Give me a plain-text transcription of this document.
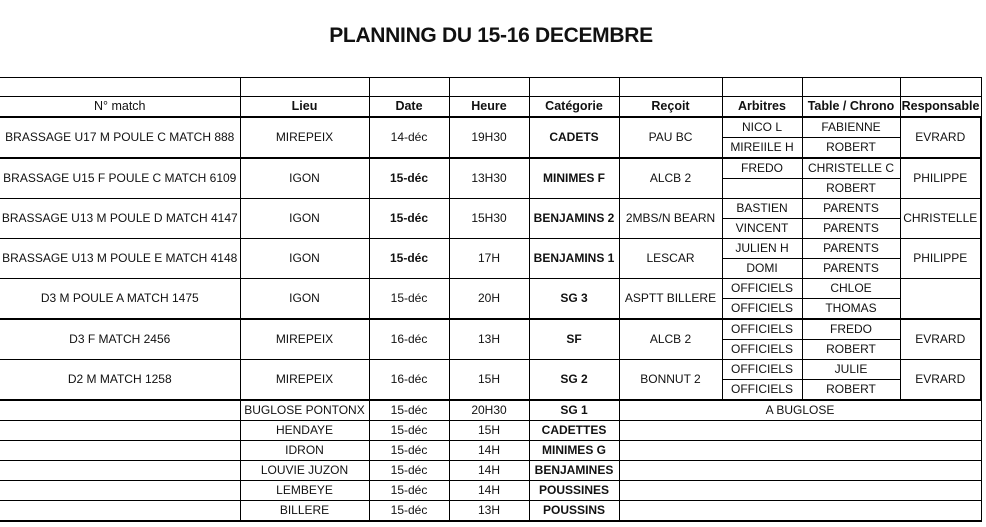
PLANNING DU 15-16 DECEMBRE

N° match	Lieu	Date	Heure	Catégorie	Reçoit	Arbitres	Table / Chrono	Responsable
BRASSAGE U17 M POULE C MATCH 888	MIREPEIX	14-déc	19H30	CADETS	PAU BC	NICO L	FABIENNE	EVRARD
						MIREIILE H	ROBERT	
BRASSAGE U15 F POULE C MATCH 6109	IGON	15-déc	13H30	MINIMES F	ALCB 2	FREDO	CHRISTELLE C	PHILIPPE
							ROBERT	
BRASSAGE U13 M POULE D MATCH 4147	IGON	15-déc	15H30	BENJAMINS 2	2MBS/N BEARN	BASTIEN	PARENTS	CHRISTELLE
						VINCENT	PARENTS	
BRASSAGE U13 M POULE E MATCH 4148	IGON	15-déc	17H	BENJAMINS 1	LESCAR	JULIEN H	PARENTS	PHILIPPE
						DOMI	PARENTS	
D3 M POULE A MATCH 1475	IGON	15-déc	20H	SG 3	ASPTT BILLERE	OFFICIELS	CHLOE	
						OFFICIELS	THOMAS	
D3 F MATCH 2456	MIREPEIX	16-déc	13H	SF	ALCB 2	OFFICIELS	FREDO	EVRARD
						OFFICIELS	ROBERT	
D2 M MATCH 1258	MIREPEIX	16-déc	15H	SG 2	BONNUT 2	OFFICIELS	JULIE	EVRARD
						OFFICIELS	ROBERT	
	BUGLOSE PONTONX	15-déc	20H30	SG 1	A BUGLOSE			
	HENDAYE	15-déc	15H	CADETTES				
	IDRON	15-déc	14H	MINIMES G				
	LOUVIE JUZON	15-déc	14H	BENJAMINES				
	LEMBEYE	15-déc	14H	POUSSINES				
	BILLERE	15-déc	13H	POUSSINS				
